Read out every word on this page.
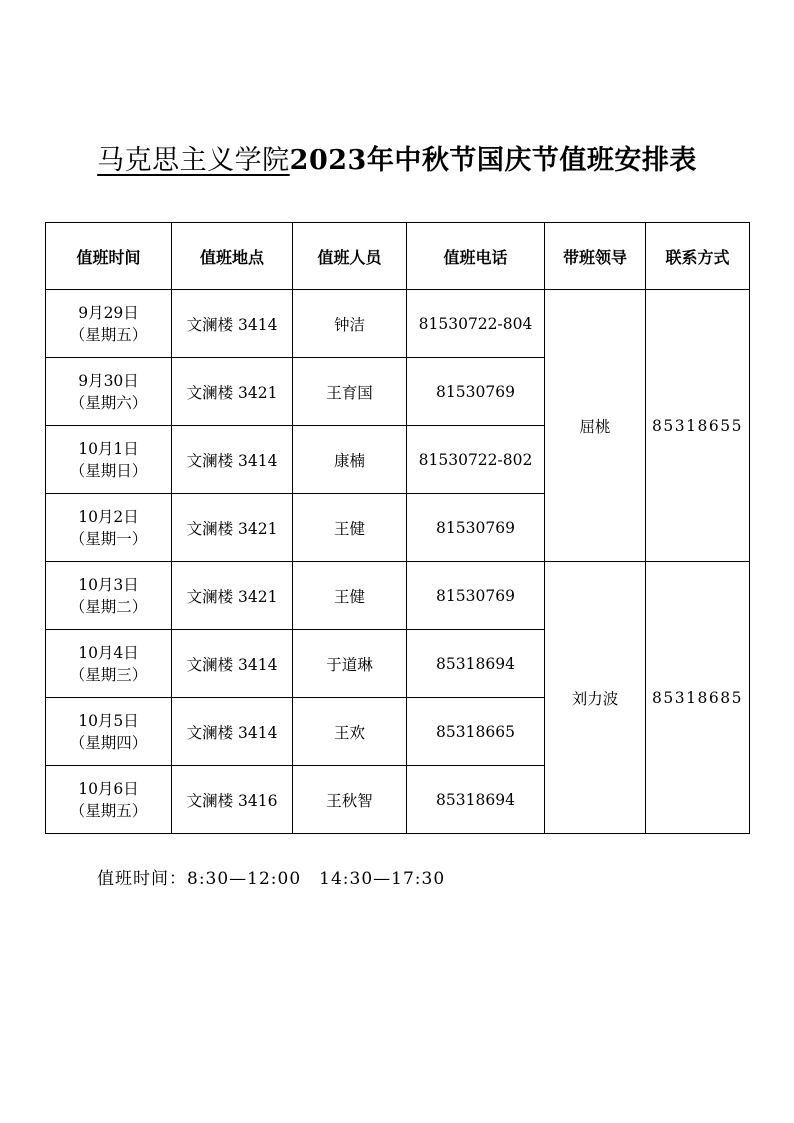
马克思主义学院2023年中秋节国庆节值班安排表
值班时间	值班地点	值班人员	值班电话	带班领导	联系方式

9月29日
（星期五）	文澜楼 3414	钟洁	81530722-804	屈桃	85318655

9月30日
（星期六）	文澜楼 3421	王育国	81530769		

10月1日
（星期日）	文澜楼 3414	康楠	81530722-802		

10月2日
（星期一）	文澜楼 3421	王健	81530769		

10月3日
（星期二）	文澜楼 3421	王健	81530769	刘力波	85318685

10月4日
（星期三）	文澜楼 3414	于道琳	85318694		

10月5日
（星期四）	文澜楼 3414	王欢	85318665		

10月6日
（星期五）	文澜楼 3416	王秋智	85318694		
值班时间：8:30—12:00　14:30—17:30
